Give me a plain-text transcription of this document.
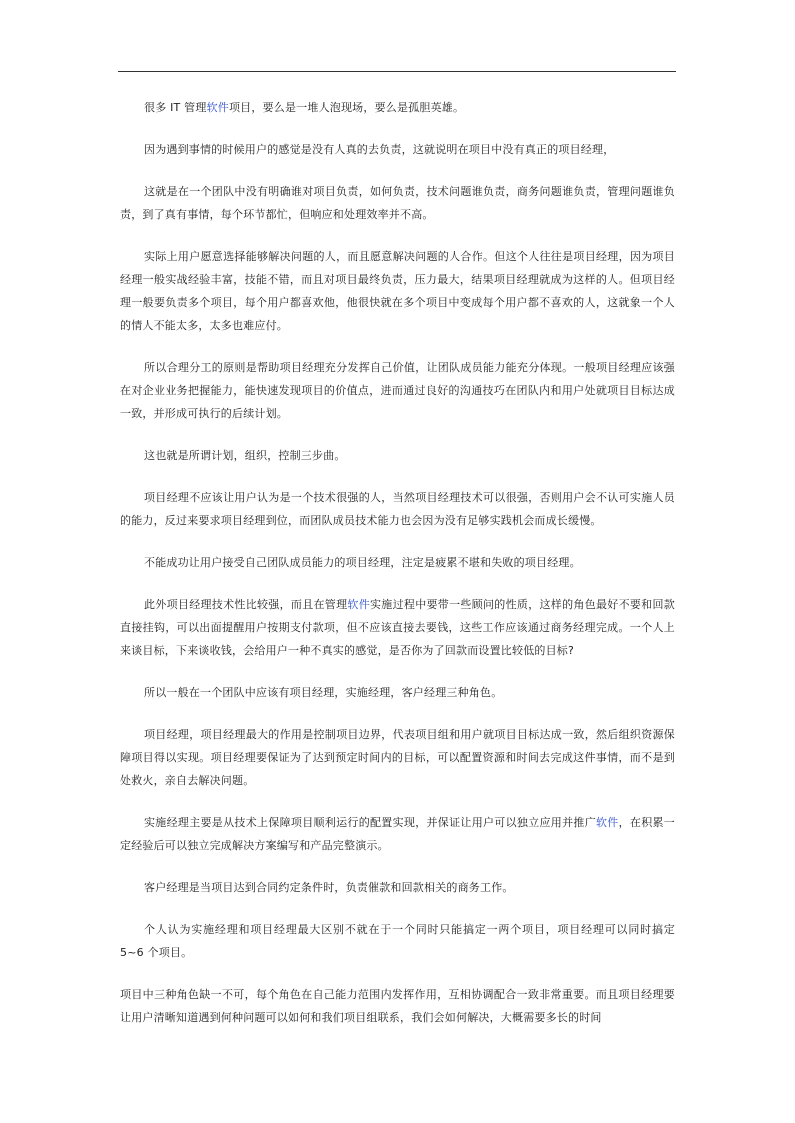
很多 IT 管理软件项目，要么是一堆人泡现场，要么是孤胆英雄。

因为遇到事情的时候用户的感觉是没有人真的去负责，这就说明在项目中没有真正的项目经理，

这就是在一个团队中没有明确谁对项目负责，如何负责，技术问题谁负责，商务问题谁负责，管理问题谁负责，到了真有事情，每个环节都忙，但响应和处理效率并不高。

实际上用户愿意选择能够解决问题的人，而且愿意解决问题的人合作。但这个人往往是项目经理，因为项目经理一般实战经验丰富，技能不错，而且对项目最终负责，压力最大，结果项目经理就成为这样的人。但项目经理一般要负责多个项目，每个用户都喜欢他，他很快就在多个项目中变成每个用户都不喜欢的人，这就象一个人的情人不能太多，太多也难应付。

所以合理分工的原则是帮助项目经理充分发挥自己价值，让团队成员能力能充分体现。一般项目经理应该强在对企业业务把握能力，能快速发现项目的价值点，进而通过良好的沟通技巧在团队内和用户处就项目目标达成一致，并形成可执行的后续计划。

这也就是所谓计划，组织，控制三步曲。

项目经理不应该让用户认为是一个技术很强的人，当然项目经理技术可以很强，否则用户会不认可实施人员的能力，反过来要求项目经理到位，而团队成员技术能力也会因为没有足够实践机会而成长缓慢。

不能成功让用户接受自己团队成员能力的项目经理，注定是疲累不堪和失败的项目经理。

此外项目经理技术性比较强，而且在管理软件实施过程中要带一些顾问的性质，这样的角色最好不要和回款直接挂钩，可以出面提醒用户按期支付款项，但不应该直接去要钱，这些工作应该通过商务经理完成。一个人上来谈目标，下来谈收钱，会给用户一种不真实的感觉，是否你为了回款而设置比较低的目标?

所以一般在一个团队中应该有项目经理，实施经理，客户经理三种角色。

项目经理，项目经理最大的作用是控制项目边界，代表项目组和用户就项目目标达成一致，然后组织资源保障项目得以实现。项目经理要保证为了达到预定时间内的目标，可以配置资源和时间去完成这件事情，而不是到处救火，亲自去解决问题。

实施经理主要是从技术上保障项目顺利运行的配置实现，并保证让用户可以独立应用并推广软件，在积累一定经验后可以独立完成解决方案编写和产品完整演示。

客户经理是当项目达到合同约定条件时，负责催款和回款相关的商务工作。

个人认为实施经理和项目经理最大区别不就在于一个同时只能搞定一两个项目，项目经理可以同时搞定 5~6 个项目。

项目中三种角色缺一不可，每个角色在自己能力范围内发挥作用，互相协调配合一致非常重要。而且项目经理要让用户清晰知道遇到何种问题可以如何和我们项目组联系，我们会如何解决，大概需要多长的时间
